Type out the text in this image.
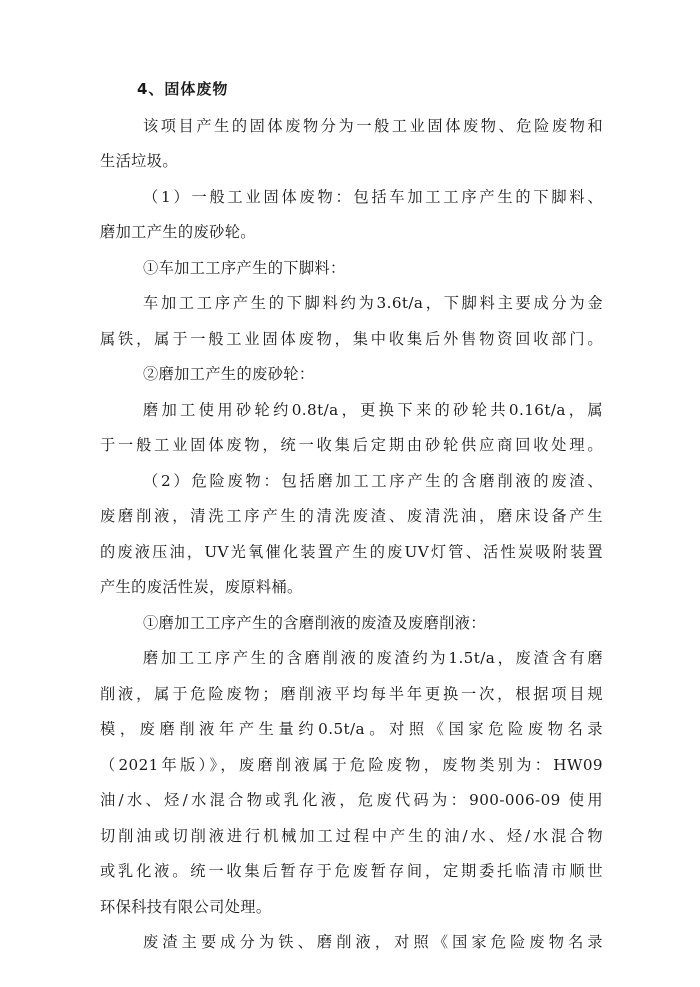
4、固体废物
该项目产生的固体废物分为一般工业固体废物、危险废物和
生活垃圾。
（1）一般工业固体废物：包括车加工工序产生的下脚料、
磨加工产生的废砂轮。
①车加工工序产生的下脚料：
车加工工序产生的下脚料约为3.6t/a，下脚料主要成分为金
属铁，属于一般工业固体废物，集中收集后外售物资回收部门。
②磨加工产生的废砂轮：
磨加工使用砂轮约0.8t/a，更换下来的砂轮共0.16t/a，属
于一般工业固体废物，统一收集后定期由砂轮供应商回收处理。
（2）危险废物：包括磨加工工序产生的含磨削液的废渣、
废磨削液，清洗工序产生的清洗废渣、废清洗油，磨床设备产生
的废液压油，UV光氧催化装置产生的废UV灯管、活性炭吸附装置
产生的废活性炭，废原料桶。
①磨加工工序产生的含磨削液的废渣及废磨削液：
磨加工工序产生的含磨削液的废渣约为1.5t/a，废渣含有磨
削液，属于危险废物；磨削液平均每半年更换一次，根据项目规
模，废磨削液年产生量约0.5t/a。对照《国家危险废物名录
（2021年版）》，废磨削液属于危险废物，废物类别为：HW09
油/水、烃/水混合物或乳化液，危废代码为：900-006-09 使用
切削油或切削液进行机械加工过程中产生的油/水、烃/水混合物
或乳化液。统一收集后暂存于危废暂存间，定期委托临清市顺世
环保科技有限公司处理。
废渣主要成分为铁、磨削液，对照《国家危险废物名录
